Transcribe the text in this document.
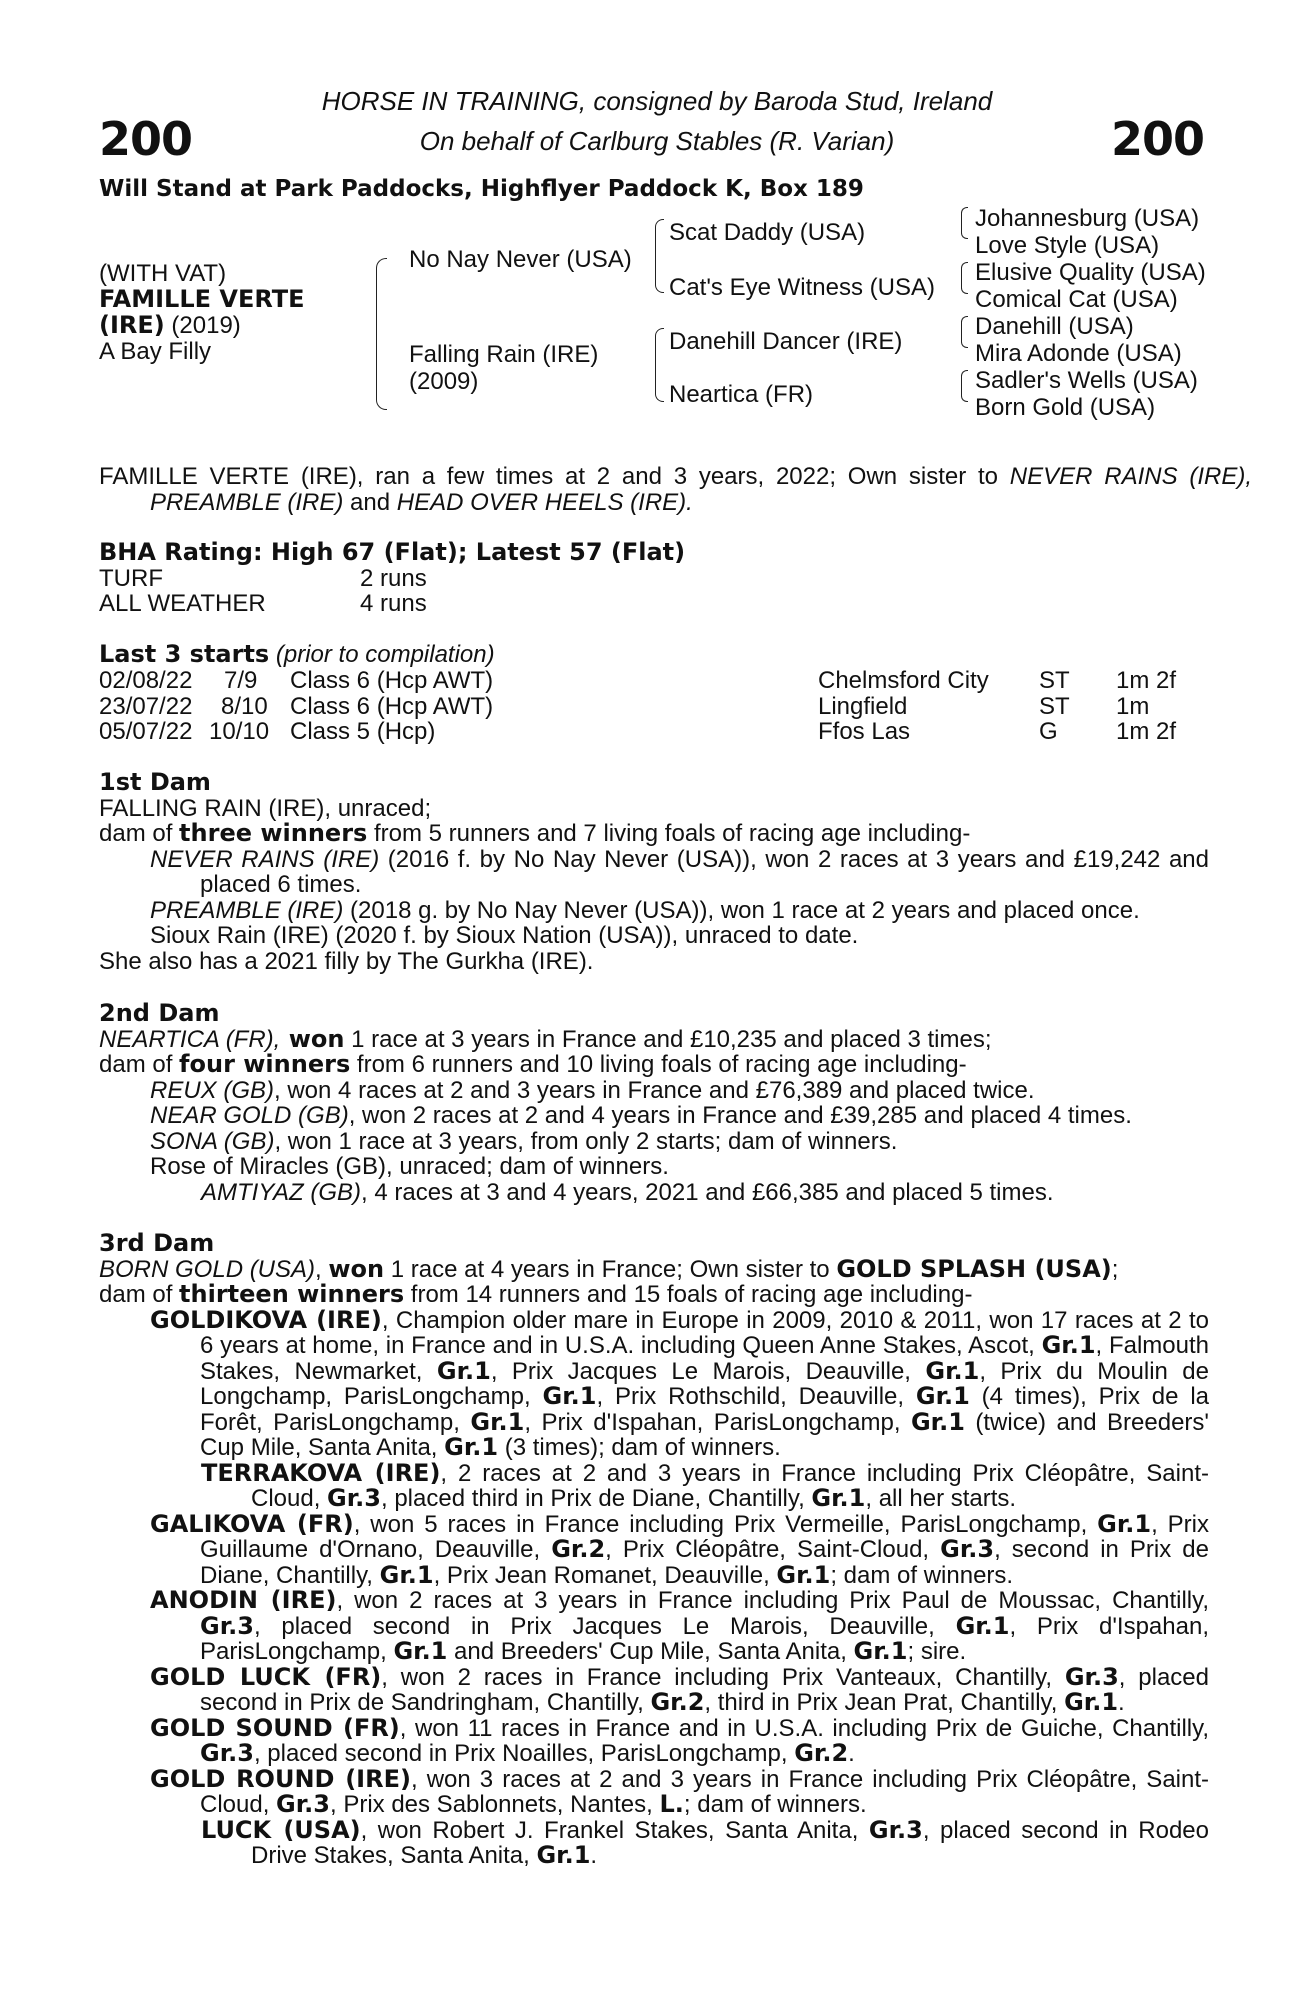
200	200
HORSE IN TRAINING, consigned by Baroda Stud, Ireland
On behalf of Carlburg Stables (R. Varian)
Will Stand at Park Paddocks, Highflyer Paddock K, Box 189
(WITH VAT)
FAMILLE VERTE
(IRE) (2019)
A Bay Filly
No Nay Never (USA)
Falling Rain (IRE)
(2009)
Scat Daddy (USA)
Cat's Eye Witness (USA)
Danehill Dancer (IRE)
Neartica (FR)
Johannesburg (USA)
Love Style (USA)
Elusive Quality (USA)
Comical Cat (USA)
Danehill (USA)
Mira Adonde (USA)
Sadler's Wells (USA)
Born Gold (USA)
FAMILLE VERTE (IRE), ran a few times at 2 and 3 years, 2022; Own sister to NEVER RAINS (IRE), PREAMBLE (IRE) and HEAD OVER HEELS (IRE).
BHA Rating: High 67 (Flat); Latest 57 (Flat)
TURF	2 runs
ALL WEATHER	4 runs
Last 3 starts (prior to compilation)
02/08/22 7/9 Class 6 (Hcp AWT)	Chelmsford City ST 1m 2f
23/07/22 8/10 Class 6 (Hcp AWT)	Lingfield	ST 1m
05/07/22 10/10 Class 5 (Hcp)	Ffos Las	G 1m 2f

1st Dam

FALLING RAIN (IRE), unraced;

dam of three winners from 5 runners and 7 living foals of racing age including-

NEVER RAINS (IRE) (2016 f. by No Nay Never (USA)), won 2 races at 3 years and £19,242 and placed 6 times.

PREAMBLE (IRE) (2018 g. by No Nay Never (USA)), won 1 race at 2 years and placed once.

Sioux Rain (IRE) (2020 f. by Sioux Nation (USA)), unraced to date.

She also has a 2021 filly by The Gurkha (IRE).

2nd Dam

NEARTICA (FR), won 1 race at 3 years in France and £10,235 and placed 3 times;

dam of four winners from 6 runners and 10 living foals of racing age including-

REUX (GB), won 4 races at 2 and 3 years in France and £76,389 and placed twice.

NEAR GOLD (GB), won 2 races at 2 and 4 years in France and £39,285 and placed 4 times.

SONA (GB), won 1 race at 3 years, from only 2 starts; dam of winners.

Rose of Miracles (GB), unraced; dam of winners.

AMTIYAZ (GB), 4 races at 3 and 4 years, 2021 and £66,385 and placed 5 times.

3rd Dam

BORN GOLD (USA), won 1 race at 4 years in France; Own sister to GOLD SPLASH (USA);

dam of thirteen winners from 14 runners and 15 foals of racing age including-

GOLDIKOVA (IRE), Champion older mare in Europe in 2009, 2010 & 2011, won 17 races at 2 to 6 years at home, in France and in U.S.A. including Queen Anne Stakes, Ascot, Gr.1, Falmouth Stakes, Newmarket, Gr.1, Prix Jacques Le Marois, Deauville, Gr.1, Prix du Moulin de Longchamp, ParisLongchamp, Gr.1, Prix Rothschild, Deauville, Gr.1 (4 times), Prix de la Forêt, ParisLongchamp, Gr.1, Prix d'Ispahan, ParisLongchamp, Gr.1 (twice) and Breeders' Cup Mile, Santa Anita, Gr.1 (3 times); dam of winners.

TERRAKOVA (IRE), 2 races at 2 and 3 years in France including Prix Cléopâtre, Saint-Cloud, Gr.3, placed third in Prix de Diane, Chantilly, Gr.1, all her starts.

GALIKOVA (FR), won 5 races in France including Prix Vermeille, ParisLongchamp, Gr.1, Prix Guillaume d'Ornano, Deauville, Gr.2, Prix Cléopâtre, Saint-Cloud, Gr.3, second in Prix de Diane, Chantilly, Gr.1, Prix Jean Romanet, Deauville, Gr.1; dam of winners.

ANODIN (IRE), won 2 races at 3 years in France including Prix Paul de Moussac, Chantilly, Gr.3, placed second in Prix Jacques Le Marois, Deauville, Gr.1, Prix d'Ispahan, ParisLongchamp, Gr.1 and Breeders' Cup Mile, Santa Anita, Gr.1; sire.

GOLD LUCK (FR), won 2 races in France including Prix Vanteaux, Chantilly, Gr.3, placed second in Prix de Sandringham, Chantilly, Gr.2, third in Prix Jean Prat, Chantilly, Gr.1.

GOLD SOUND (FR), won 11 races in France and in U.S.A. including Prix de Guiche, Chantilly, Gr.3, placed second in Prix Noailles, ParisLongchamp, Gr.2.

GOLD ROUND (IRE), won 3 races at 2 and 3 years in France including Prix Cléopâtre, Saint-Cloud, Gr.3, Prix des Sablonnets, Nantes, L.; dam of winners.

LUCK (USA), won Robert J. Frankel Stakes, Santa Anita, Gr.3, placed second in Rodeo Drive Stakes, Santa Anita, Gr.1.
